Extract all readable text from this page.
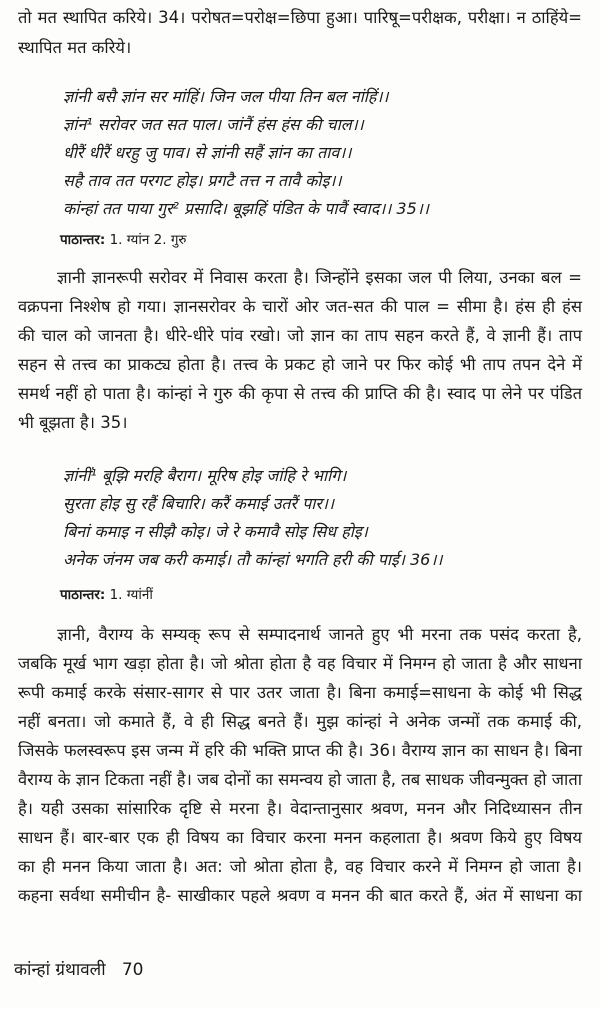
तो मत स्थापित करिये। 34। परोषत=परोक्ष=छिपा हुआ। पारिषू=परीक्षक, परीक्षा। न ठाहिंये=
स्थापित मत करिये।
ज्ञांनी बसै ज्ञांन सर मांहिं। जिन जल पीया तिन बल नांहिं।।
ज्ञांन¹ सरोवर जत सत पाल। जांनैं हंस हंस की चाल।।
धीरैं धीरैं धरहु जु पाव। से ज्ञांनी सहैं ज्ञांन का ताव।।
सहै ताव तत परगट होइ। प्रगटै तत्त न तावै कोइ।।
कांन्हां तत पाया गुर² प्रसादि। बूझहिं पंडित के पावैं स्वाद।। 35।।
पाठान्तर: 1. ग्यांन 2. गुरु
ज्ञानी ज्ञानरूपी सरोवर में निवास करता है। जिन्होंने इसका जल पी लिया, उनका बल =
वक्रपना निश्शेष हो गया। ज्ञानसरोवर के चारों ओर जत-सत की पाल = सीमा है। हंस ही हंस
की चाल को जानता है। धीरे-धीरे पांव रखो। जो ज्ञान का ताप सहन करते हैं, वे ज्ञानी हैं। ताप
सहन से तत्त्व का प्राकट्य होता है। तत्त्व के प्रकट हो जाने पर फिर कोई भी ताप तपन देने में
समर्थ नहीं हो पाता है। कांन्हां ने गुरु की कृपा से तत्त्व की प्राप्ति की है। स्वाद पा लेने पर पंडित
भी बूझता है। 35।
ज्ञांनीं¹ बूझि मरहि बैराग। मूरिष होइ जांहि रे भागि।
सुरता होइ सु रहैं बिचारि। करैं कमाई उतरैं पार।।
बिनां कमाइ न सीझै कोइ। जे रे कमावै सोइ सिध होइ।
अनेक जंनम जब करी कमाई। तौ कांन्हां भगति हरी की पाई। 36।।
पाठान्तर: 1. ग्यांनीं
ज्ञानी, वैराग्य के सम्यक् रूप से सम्पादनार्थ जानते हुए भी मरना तक पसंद करता है,
जबकि मूर्ख भाग खड़ा होता है। जो श्रोता होता है वह विचार में निमग्न हो जाता है और साधना
रूपी कमाई करके संसार-सागर से पार उतर जाता है। बिना कमाई=साधना के कोई भी सिद्ध
नहीं बनता। जो कमाते हैं, वे ही सिद्ध बनते हैं। मुझ कांन्हां ने अनेक जन्मों तक कमाई की,
जिसके फलस्वरूप इस जन्म में हरि की भक्ति प्राप्त की है। 36। वैराग्य ज्ञान का साधन है। बिना
वैराग्य के ज्ञान टिकता नहीं है। जब दोनों का समन्वय हो जाता है, तब साधक जीवन्मुक्त हो जाता
है। यही उसका सांसारिक दृष्टि से मरना है। वेदान्तानुसार श्रवण, मनन और निदिध्यासन तीन
साधन हैं। बार-बार एक ही विषय का विचार करना मनन कहलाता है। श्रवण किये हुए विषय
का ही मनन किया जाता है। अत: जो श्रोता होता है, वह विचार करने में निमग्न हो जाता है।
कहना सर्वथा समीचीन है- साखीकार पहले श्रवण व मनन की बात करते हैं, अंत में साधना का
कांन्हां ग्रंथावली 70
